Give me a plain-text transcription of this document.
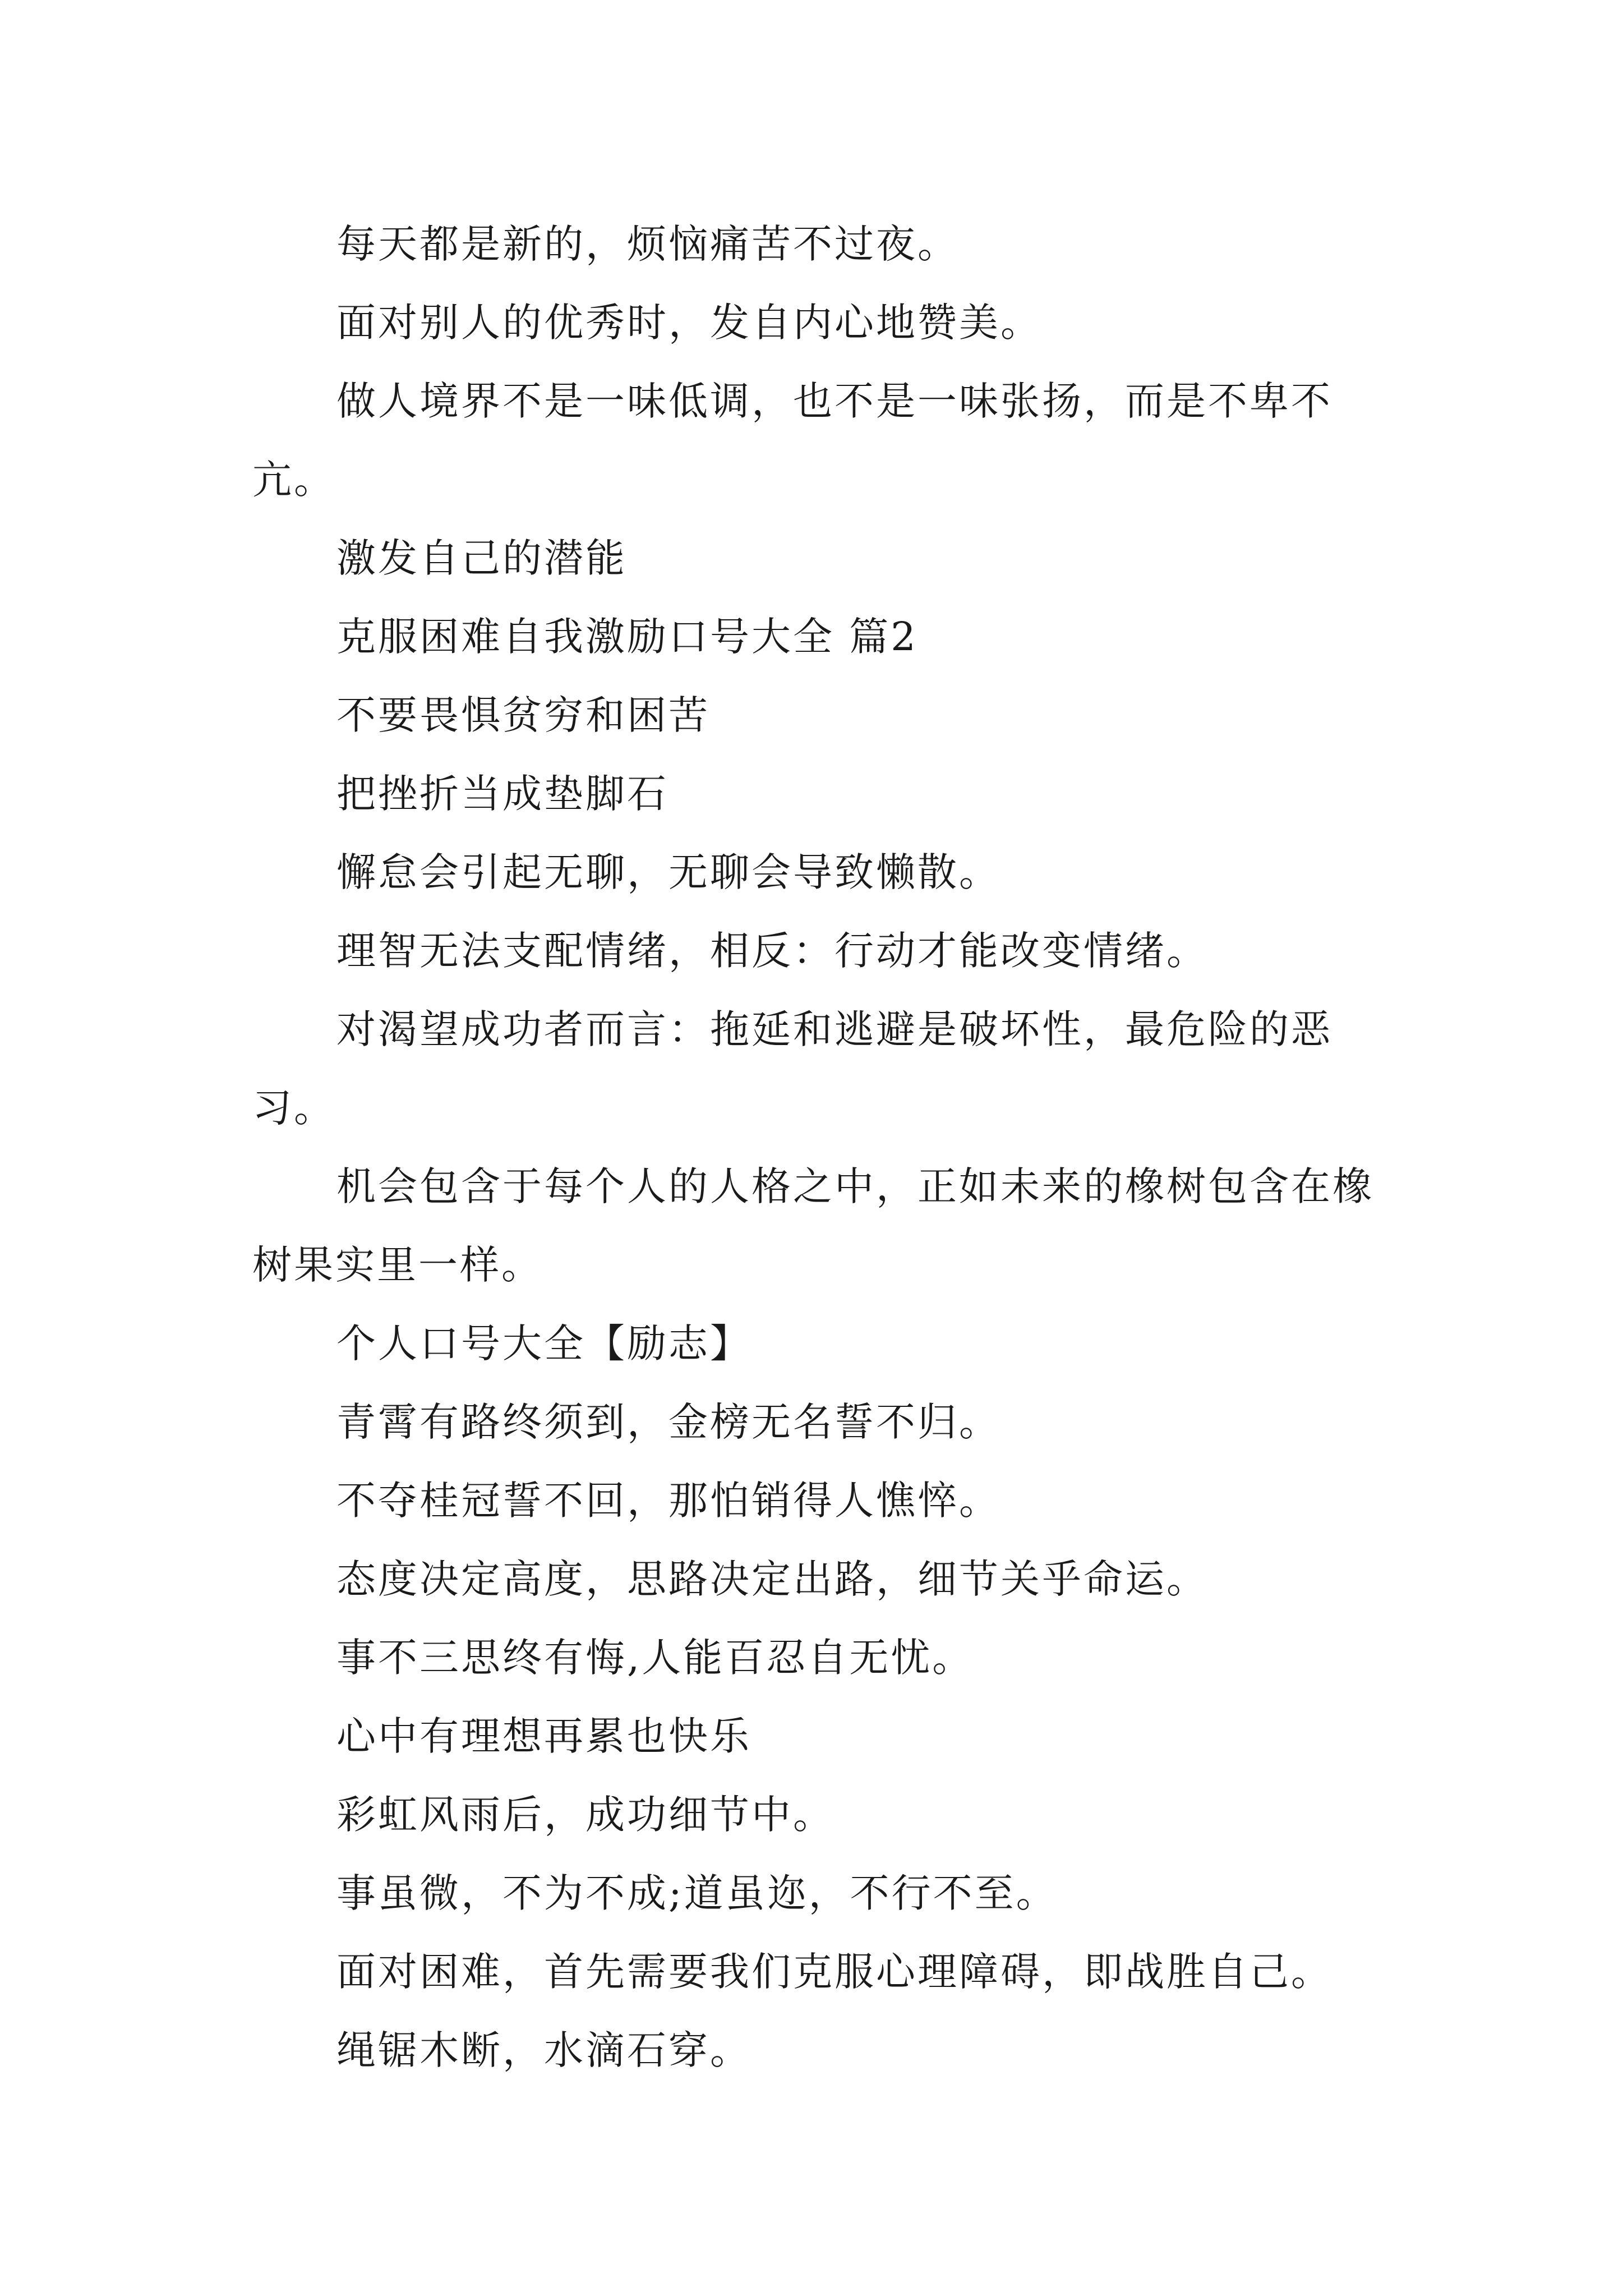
每天都是新的，烦恼痛苦不过夜。

面对别人的优秀时，发自内心地赞美。

做人境界不是一味低调，也不是一味张扬，而是不卑不亢。

激发自己的潜能

克服困难自我激励口号大全 篇2

不要畏惧贫穷和困苦

把挫折当成垫脚石

懈怠会引起无聊，无聊会导致懒散。

理智无法支配情绪，相反：行动才能改变情绪。

对渴望成功者而言：拖延和逃避是破坏性，最危险的恶习。

机会包含于每个人的人格之中，正如未来的橡树包含在橡树果实里一样。

个人口号大全【励志】

青霄有路终须到，金榜无名誓不归。

不夺桂冠誓不回，那怕销得人憔悴。

态度决定高度，思路决定出路，细节关乎命运。

事不三思终有悔,人能百忍自无忧。

心中有理想再累也快乐

彩虹风雨后，成功细节中。

事虽微，不为不成;道虽迩，不行不至。

面对困难，首先需要我们克服心理障碍，即战胜自己。

绳锯木断，水滴石穿。
